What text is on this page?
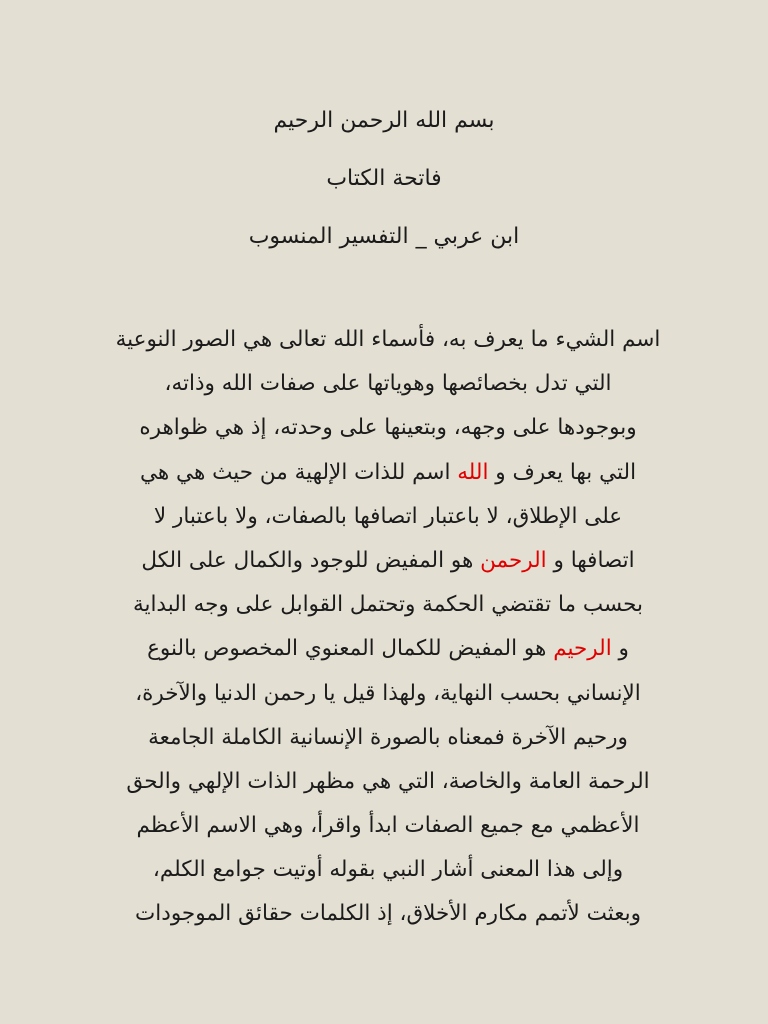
بسم الله الرحمن الرحيم
فاتحة الكتاب
ابن عربي _ التفسير المنسوب
اسم الشيء ما يعرف به، فأسماء الله تعالى هي الصور النوعية
التي تدل بخصائصها وهوياتها على صفات الله وذاته،
وبوجودها على وجهه، وبتعينها على وحدته، إذ هي ظواهره
التي بها يعرف و الله اسم للذات الإلهية من حيث هي هي
على الإطلاق، لا باعتبار اتصافها بالصفات، ولا باعتبار لا
اتصافها و الرحمن هو المفيض للوجود والكمال على الكل
بحسب ما تقتضي الحكمة وتحتمل القوابل على وجه البداية
و الرحيم هو المفيض للكمال المعنوي المخصوص بالنوع
الإنساني بحسب النهاية، ولهذا قيل يا رحمن الدنيا والآخرة،
ورحيم الآخرة فمعناه بالصورة الإنسانية الكاملة الجامعة
الرحمة العامة والخاصة، التي هي مظهر الذات الإلهي والحق
الأعظمي مع جميع الصفات ابدأ واقرأ، وهي الاسم الأعظم
وإلى هذا المعنى أشار النبي بقوله أوتيت جوامع الكلم،
وبعثت لأتمم مكارم الأخلاق، إذ الكلمات حقائق الموجودات
